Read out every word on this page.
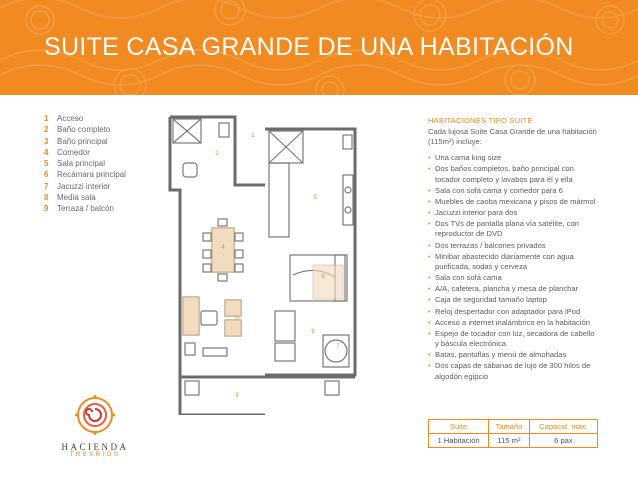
SUITE CASA GRANDE DE UNA HABITACIÓN
1	Acceso
2	Baño completo
3	Baño principal
4	Comedor
5	Sala principal
6	Recámara principal
7	Jacuzzi interior
8	Media sala
9	Terraza / balcón
1
2
3
4
5
6
7
8
9
HABITACIONES TIPO SUITE
Cada lujosa Suite Casa Grande de una habitación (115m²) incluye:
• Una cama king size
• Dos baños completos, baño principal con tocador completo y lavabos para él y ella
• Sala con sofá cama y comedor para 6
• Muebles de caoba mexicana y pisos de mármol
• Jacuzzi interior para dos
• Dos TVs de pantalla plana vía satélite, con reproductor de DVD
• Dos terrazas / balcones privados
• Minibar abastecido diariamente con agua purificada, sodas y cerveza
• Sala con sofá cama
• A/A, cafetera, plancha y mesa de planchar
• Caja de seguridad tamaño laptop
• Reloj despertador con adaptador para iPod
• Acceso a internet inalámbrico en la habitación
• Espejo de tocador con luz, secadora de cabello y báscula electrónica
• Batas, pantuflas y menú de almohadas
• Dos capas de sábanas de lujo de 300 hilos de algodón egipcio
Suite	Tamaño	Capacid. max.
1 Habitación	115 m²	6 pax
HACIENDA
TRESRIOS
